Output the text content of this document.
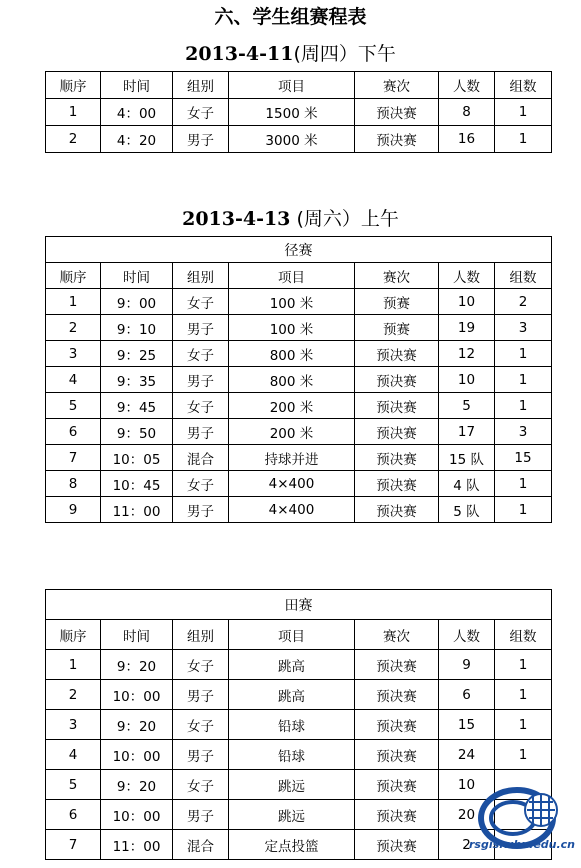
六、学生组赛程表
2013-4-11(周四）下午
顺序	时间	组别	项目	赛次	人数	组数
1	4：00	女子	1500 米	预决赛	8	1
2	4：20	男子	3000 米	预决赛	16	1
2013-4-13 (周六）上午
径赛						
顺序	时间	组别	项目	赛次	人数	组数
1	9：00	女子	100 米	预赛	10	2
2	9：10	男子	100 米	预赛	19	3
3	9：25	女子	800 米	预决赛	12	1
4	9：35	男子	800 米	预决赛	10	1
5	9：45	女子	200 米	预决赛	5	1
6	9：50	男子	200 米	预决赛	17	3
7	10：05	混合	持球并进	预决赛	15 队	15
8	10：45	女子	4×400	预决赛	4 队	1
9	11：00	男子	4×400	预决赛	5 队	1
田赛						
顺序	时间	组别	项目	赛次	人数	组数
1	9：20	女子	跳高	预决赛	9	1
2	10：00	男子	跳高	预决赛	6	1
3	9：20	女子	铅球	预决赛	15	1
4	10：00	男子	铅球	预决赛	24	1
5	9：20	女子	跳远	预决赛	10	
6	10：00	男子	跳远	预决赛	20	
7	11：00	混合	定点投篮	预决赛	2	
rsgis.whu.edu.cn
